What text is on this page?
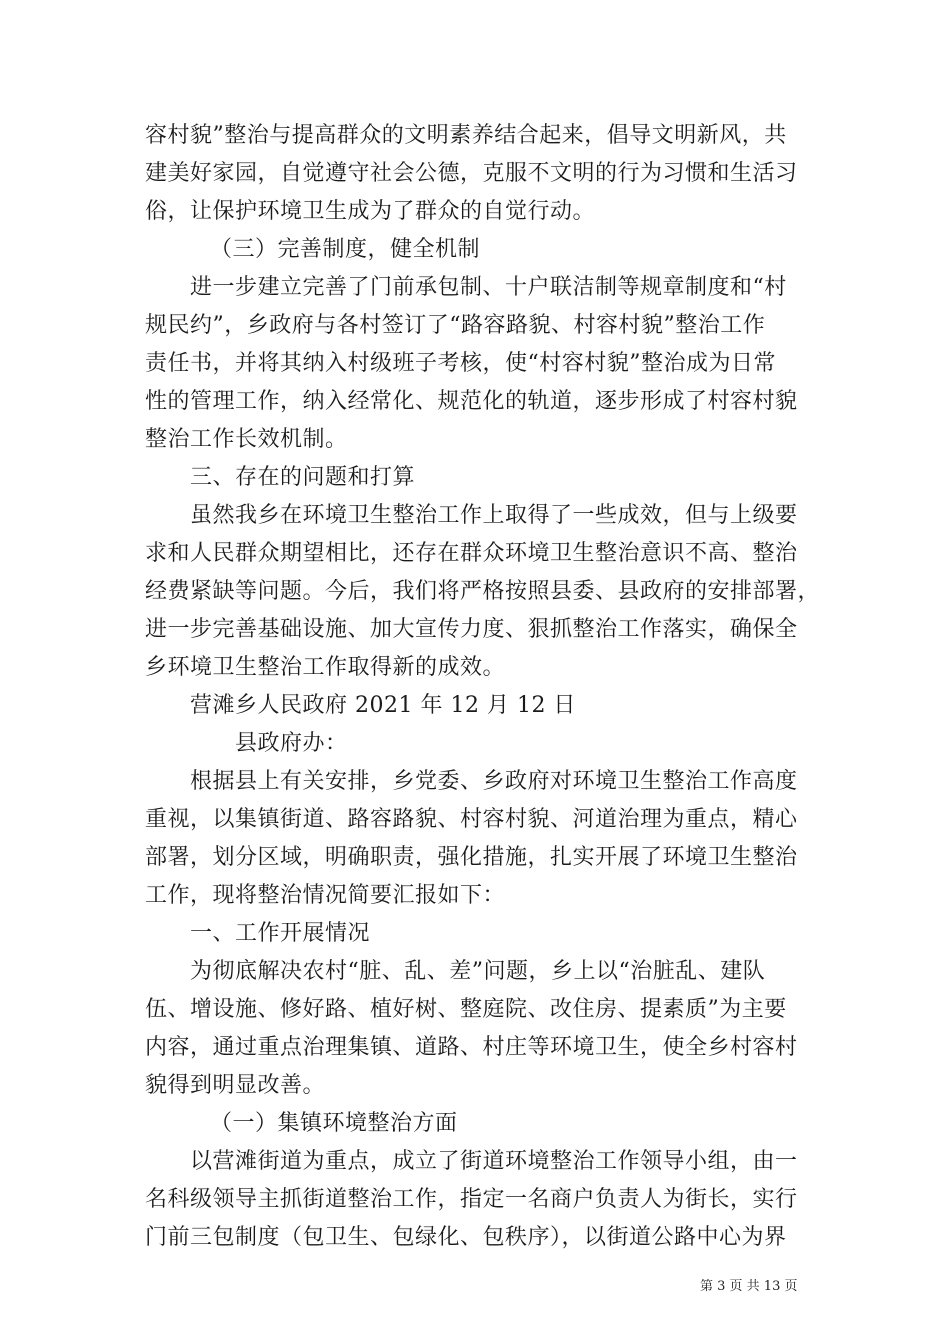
容村貌”整治与提高群众的文明素养结合起来，倡导文明新风，共
建美好家园，自觉遵守社会公德，克服不文明的行为习惯和生活习
俗，让保护环境卫生成为了群众的自觉行动。
（三）完善制度，健全机制
进一步建立完善了门前承包制、十户联洁制等规章制度和“村
规民约”，乡政府与各村签订了“路容路貌、村容村貌”整治工作
责任书，并将其纳入村级班子考核，使“村容村貌”整治成为日常
性的管理工作，纳入经常化、规范化的轨道，逐步形成了村容村貌
整治工作长效机制。
三、存在的问题和打算
虽然我乡在环境卫生整治工作上取得了一些成效，但与上级要
求和人民群众期望相比，还存在群众环境卫生整治意识不高、整治
经费紧缺等问题。今后，我们将严格按照县委、县政府的安排部署，
进一步完善基础设施、加大宣传力度、狠抓整治工作落实，确保全
乡环境卫生整治工作取得新的成效。
营滩乡人民政府 2021 年 12 月 12 日
县政府办：
根据县上有关安排，乡党委、乡政府对环境卫生整治工作高度
重视，以集镇街道、路容路貌、村容村貌、河道治理为重点，精心
部署，划分区域，明确职责，强化措施，扎实开展了环境卫生整治
工作，现将整治情况简要汇报如下：
一、工作开展情况
为彻底解决农村“脏、乱、差”问题，乡上以“治脏乱、建队
伍、增设施、修好路、植好树、整庭院、改住房、提素质”为主要
内容，通过重点治理集镇、道路、村庄等环境卫生，使全乡村容村
貌得到明显改善。
（一）集镇环境整治方面
以营滩街道为重点，成立了街道环境整治工作领导小组，由一
名科级领导主抓街道整治工作，指定一名商户负责人为街长，实行
门前三包制度（包卫生、包绿化、包秩序），以街道公路中心为界
第 3 页 共 13 页
